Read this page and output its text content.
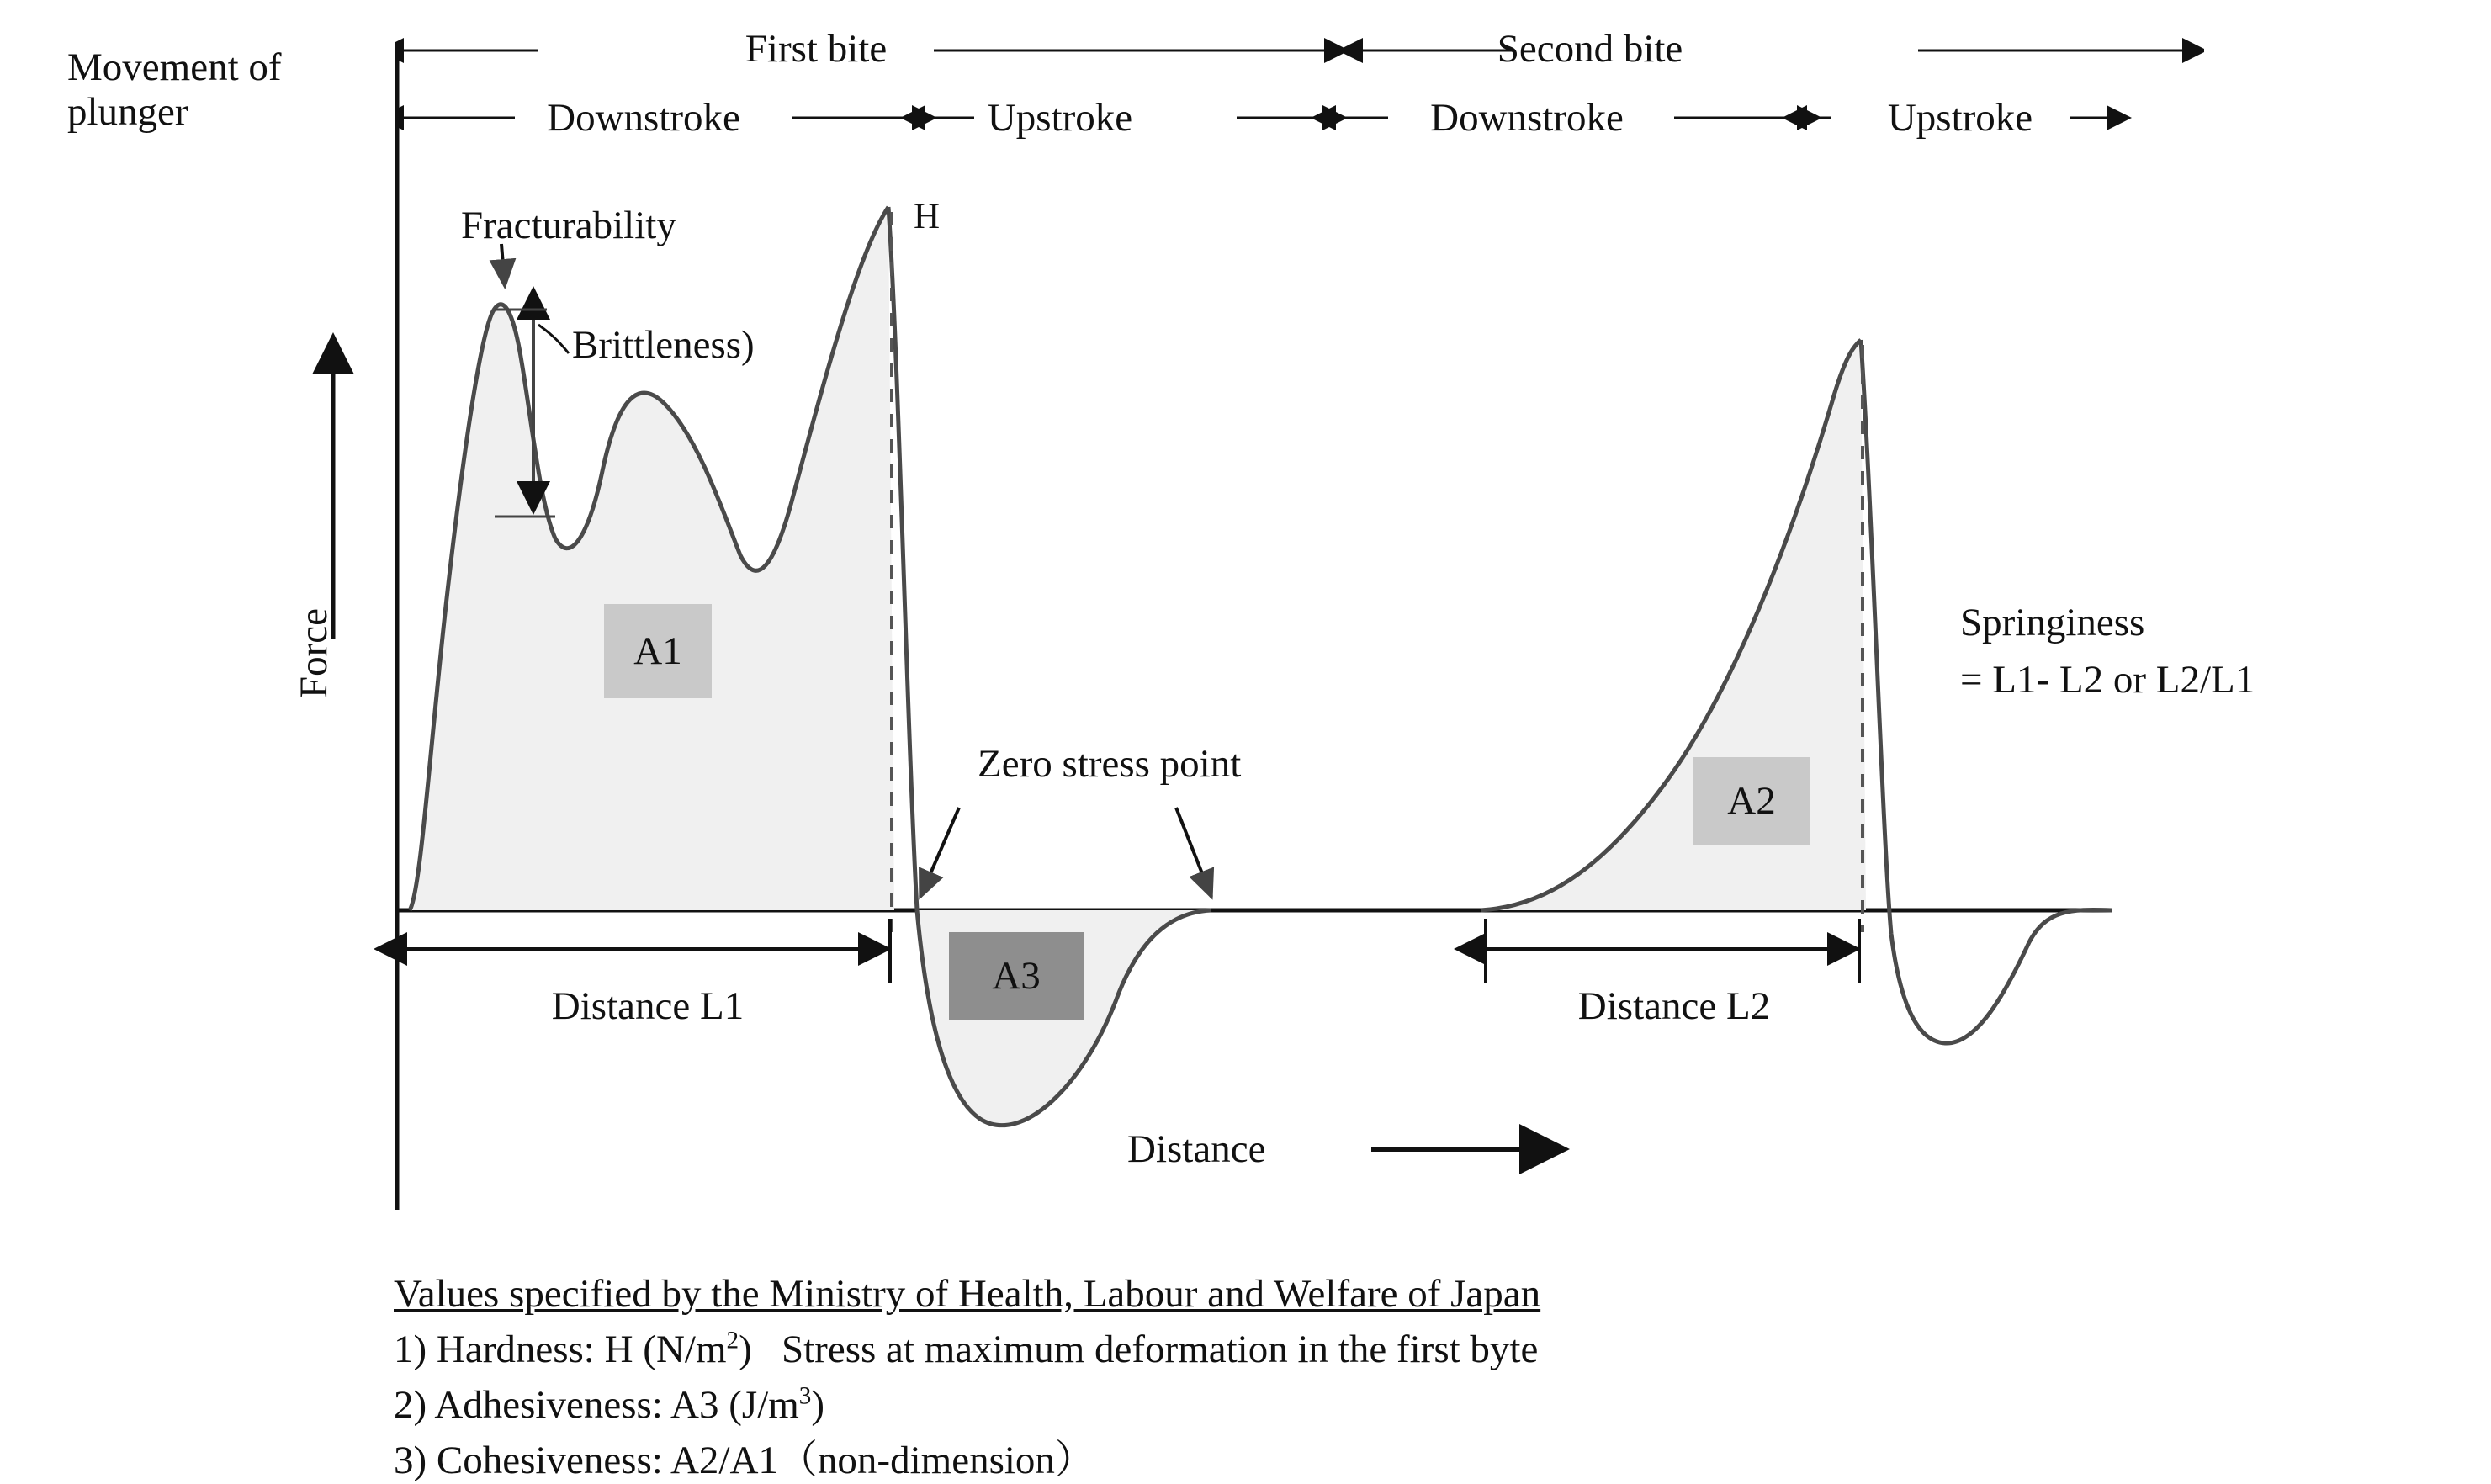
Movement of
plunger
First bite	Second bite
Downstroke	Upstroke	Downstroke	Upstroke
Force
Distance
H
Fracturability
Brittleness)
Zero stress point
Springiness
= L1- L2 or L2/L1
Distance L1	Distance L2
A1
A3
A2
Values specified by the Ministry of Health, Labour and Welfare of Japan
1) Hardness: H $(N/m^2)$   Stress at maximum deformation in the first byte
2) Adhesiveness: A3 $(J/m^3)$
3) Cohesiveness: A2/A1（non-dimension）
